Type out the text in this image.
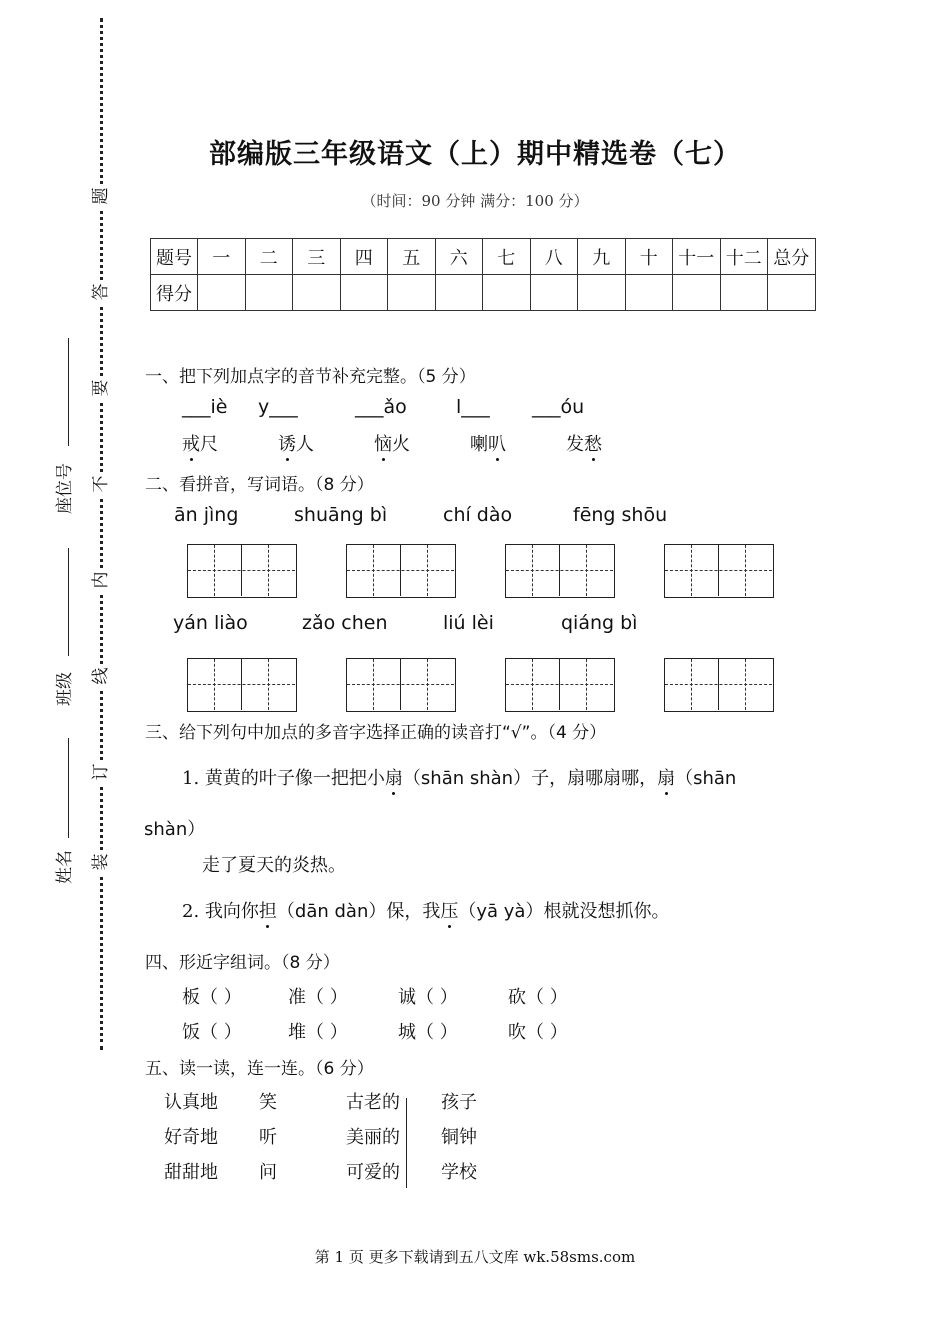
题
答
要
不
内
线
订
装
座位号
班级
姓名
部编版三年级语文（上）期中精选卷（七）
（时间：90 分钟 满分：100 分）
题号	一	二	三	四	五	六	七	八	九	十	十一	十二	总分
得分													
一、把下列加点字的音节补充完整。（5 分）
___iè y___	___ǎo	l___ ___óu
戒尺	诱人	恼火	喇叭	发愁
二、看拼音，写词语。（8 分）
ān jìng	shuāng bì	chí dào	fēng shōu
yán liào	zǎo chen	liú lèi	qiáng bì
三、给下列句中加点的多音字选择正确的读音打“√”。（4 分）
1. 黄黄的叶子像一把把小扇（shān shàn）子，扇哪扇哪，扇（shān
shàn）
走了夏天的炎热。
2. 我向你担（dān dàn）保，我压（yā yà）根就没想抓你。
四、形近字组词。（8 分）
板（ ）	准（ ）	诚（ ）	砍（ ）
饭（ ）	堆（ ）	城（ ）	吹（ ）
五、读一读，连一连。（6 分）
认真地 笑	古老的 孩子
好奇地 听	美丽的 铜钟
甜甜地 问	可爱的 学校
第 1 页 更多下载请到五八文库 wk.58sms.com
